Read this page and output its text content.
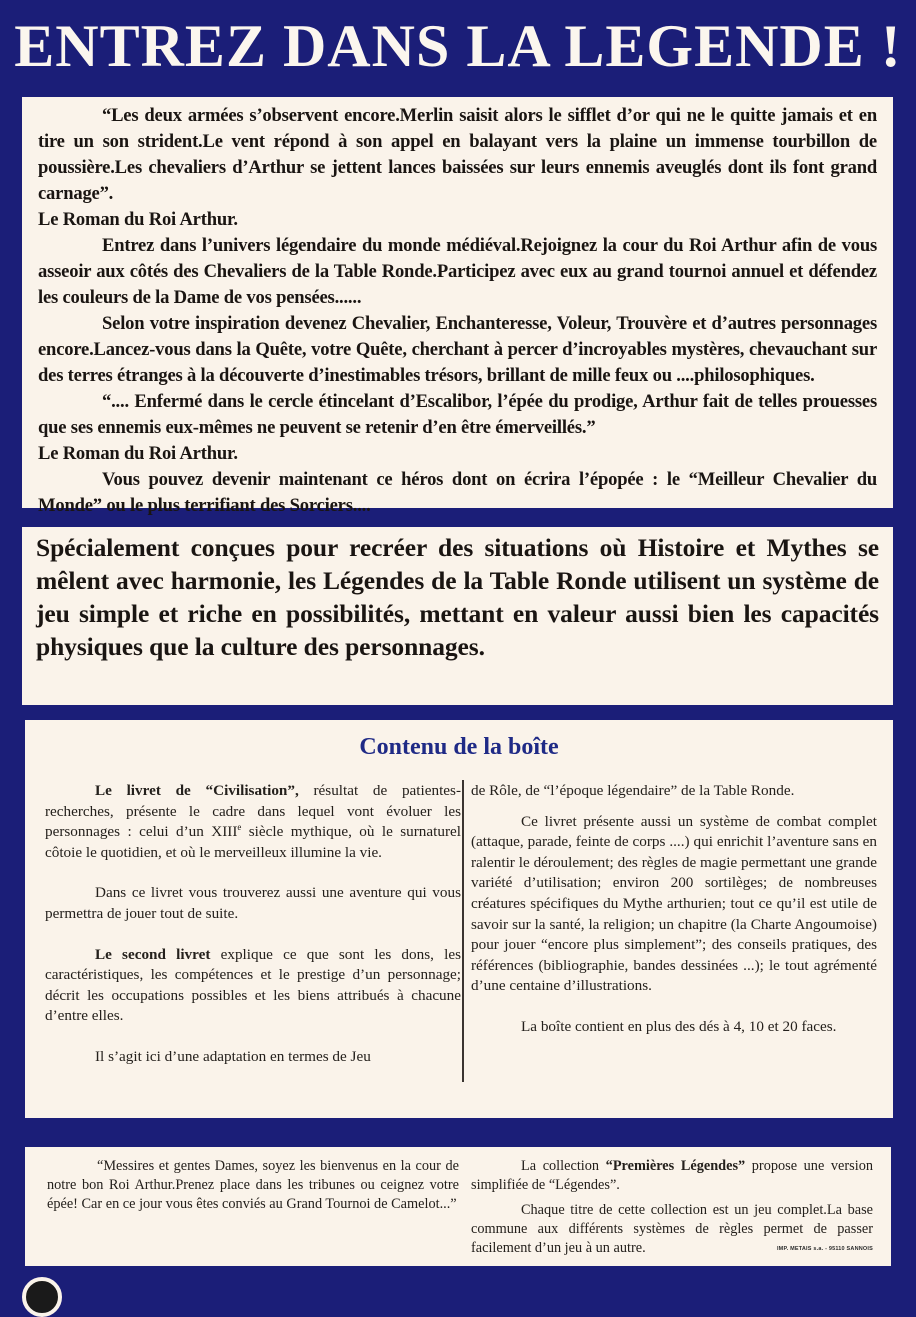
ENTREZ DANS LA LEGENDE !

“Les deux armées s’observent encore.Merlin saisit alors le sifflet d’or qui ne le quitte jamais et en tire un son strident.Le vent répond à son appel en balayant vers la plaine un immense tourbillon de poussière.Les chevaliers d’Arthur se jettent lances baissées sur leurs ennemis aveuglés dont ils font grand carnage”.

Le Roman du Roi Arthur.

Entrez dans l’univers légendaire du monde médiéval.Rejoignez la cour du Roi Arthur afin de vous asseoir aux côtés des Chevaliers de la Table Ronde.Participez avec eux au grand tournoi annuel et défendez les couleurs de la Dame de vos pensées......

Selon votre inspiration devenez Chevalier, Enchanteresse, Voleur, Trouvère et d’autres personnages encore.Lancez-vous dans la Quête, votre Quête, cherchant à percer d’incroyables mystères, chevauchant sur des terres étranges à la découverte d’inestimables trésors, brillant de mille feux ou ....philosophiques.

“.... Enfermé dans le cercle étincelant d’Escalibor, l’épée du prodige, Arthur fait de telles prouesses que ses ennemis eux-mêmes ne peuvent se retenir d’en être émerveillés.”

Le Roman du Roi Arthur.

Vous pouvez devenir maintenant ce héros dont on écrira l’épopée : le “Meilleur Chevalier du Monde” ou le plus terrifiant des Sorciers....

Spécialement conçues pour recréer des situations où Histoire et Mythes se mêlent avec harmonie, les Légendes de la Table Ronde utilisent un système de jeu simple et riche en possibilités, mettant en valeur aussi bien les capacités physiques que la culture des personnages.

Contenu de la boîte

Le livret de “Civilisation”, résultat de patientes-recherches, présente le cadre dans lequel vont évoluer les personnages : celui d’un XIIIe siècle mythique, où le surnaturel côtoie le quotidien, et où le merveilleux illumine la vie.

Dans ce livret vous trouverez aussi une aventure qui vous permettra de jouer tout de suite.

Le second livret explique ce que sont les dons, les caractéristiques, les compétences et le prestige d’un personnage; décrit les occupations possibles et les biens attribués à chacune d’entre elles.

Il s’agit ici d’une adaptation en termes de Jeu

de Rôle, de “l’époque légendaire” de la Table Ronde.

Ce livret présente aussi un système de combat complet (attaque, parade, feinte de corps ....) qui enrichit l’aventure sans en ralentir le déroulement; des règles de magie permettant une grande variété d’utilisation; environ 200 sortilèges; de nombreuses créatures spécifiques du Mythe arthurien; tout ce qu’il est utile de savoir sur la santé, la religion; un chapitre (la Charte Angoumoise) pour jouer “encore plus simplement”; des conseils pratiques, des références (bibliographie, bandes dessinées ...); le tout agrémenté d’une centaine d’illustrations.

La boîte contient en plus des dés à 4, 10 et 20 faces.

“Messires et gentes Dames, soyez les bienvenus en la cour de notre bon Roi Arthur.Prenez place dans les tribunes ou ceignez votre épée! Car en ce jour vous êtes conviés au Grand Tournoi de Camelot...”

La collection “Premières Légendes” propose une version simplifiée de “Légendes”.

Chaque titre de cette collection est un jeu complet.La base commune aux différents systèmes de règles permet de passer facilement d’un jeu à un autre.	IMP. METAIS s.a. - 95110 SANNOIS
